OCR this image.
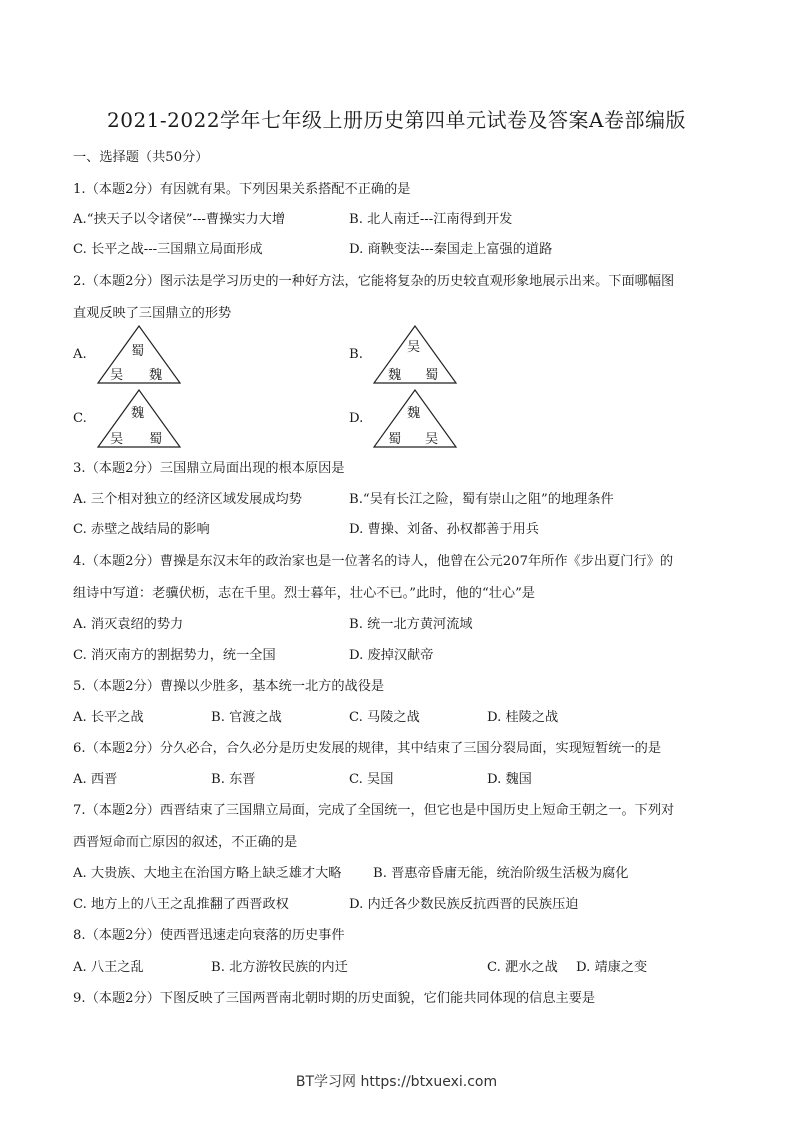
2021-2022学年七年级上册历史第四单元试卷及答案A卷部编版
一、选择题（共50分）
1.（本题2分）有因就有果。下列因果关系搭配不正确的是
A.“挟天子以令诸侯”---曹操实力大增	B. 北人南迁---江南得到开发
C. 长平之战---三国鼎立局面形成	D. 商鞅变法---秦国走上富强的道路
2.（本题2分）图示法是学习历史的一种好方法，它能将复杂的历史较直观形象地展示出来。下面哪幅图
直观反映了三国鼎立的形势
A.	蜀
吴 魏
B.	吴
魏 蜀
C.	魏
吴 蜀
D.	魏
蜀 吴
3.（本题2分）三国鼎立局面出现的根本原因是
A. 三个相对独立的经济区域发展成均势	B.“吴有长江之险，蜀有崇山之阻”的地理条件
C. 赤壁之战结局的影响	D. 曹操、刘备、孙权都善于用兵
4.（本题2分）曹操是东汉末年的政治家也是一位著名的诗人，他曾在公元207年所作《步出夏门行》的
组诗中写道：老骥伏枥，志在千里。烈士暮年，壮心不已。”此时，他的“壮心”是
A. 消灭袁绍的势力	B. 统一北方黄河流域
C. 消灭南方的割据势力，统一全国	D. 废掉汉献帝
5.（本题2分）曹操以少胜多，基本统一北方的战役是
A. 长平之战	B. 官渡之战	C. 马陵之战	D. 桂陵之战
6.（本题2分）分久必合，合久必分是历史发展的规律，其中结束了三国分裂局面，实现短暂统一的是
A. 西晋	B. 东晋	C. 吴国	D. 魏国
7.（本题2分）西晋结束了三国鼎立局面，完成了全国统一，但它也是中国历史上短命王朝之一。下列对
西晋短命而亡原因的叙述，不正确的是
A. 大贵族、大地主在治国方略上缺乏雄才大略 B. 晋惠帝昏庸无能，统治阶级生活极为腐化
C. 地方上的八王之乱推翻了西晋政权	D. 内迁各少数民族反抗西晋的民族压迫
8.（本题2分）使西晋迅速走向衰落的历史事件
A. 八王之乱	B. 北方游牧民族的内迁	C. 淝水之战 D. 靖康之变
9.（本题2分）下图反映了三国两晋南北朝时期的历史面貌，它们能共同体现的信息主要是
BT学习网 https://btxuexi.com
